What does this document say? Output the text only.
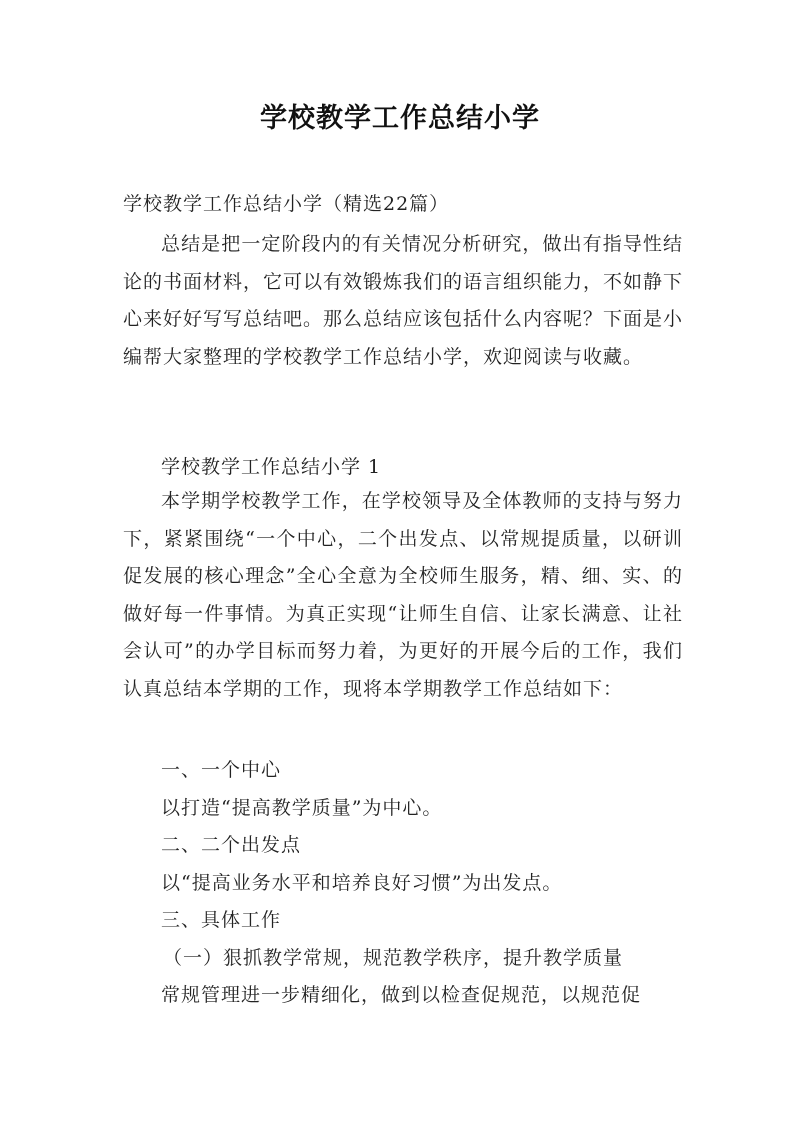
学校教学工作总结小学
学校教学工作总结小学（精选22篇）

总结是把一定阶段内的有关情况分析研究，做出有指导性结论的书面材料，它可以有效锻炼我们的语言组织能力，不如静下心来好好写写总结吧。那么总结应该包括什么内容呢？下面是小编帮大家整理的学校教学工作总结小学，欢迎阅读与收藏。

学校教学工作总结小学 1

本学期学校教学工作，在学校领导及全体教师的支持与努力下，紧紧围绕“一个中心，二个出发点、以常规提质量，以研训促发展的核心理念”全心全意为全校师生服务，精、细、实、的做好每一件事情。为真正实现“让师生自信、让家长满意、让社会认可”的办学目标而努力着，为更好的开展今后的工作，我们认真总结本学期的工作，现将本学期教学工作总结如下：

一、一个中心
以打造“提高教学质量”为中心。
二、二个出发点
以“提高业务水平和培养良好习惯”为出发点。
三、具体工作
（一）狠抓教学常规，规范教学秩序，提升教学质量
常规管理进一步精细化，做到以检查促规范，以规范促
